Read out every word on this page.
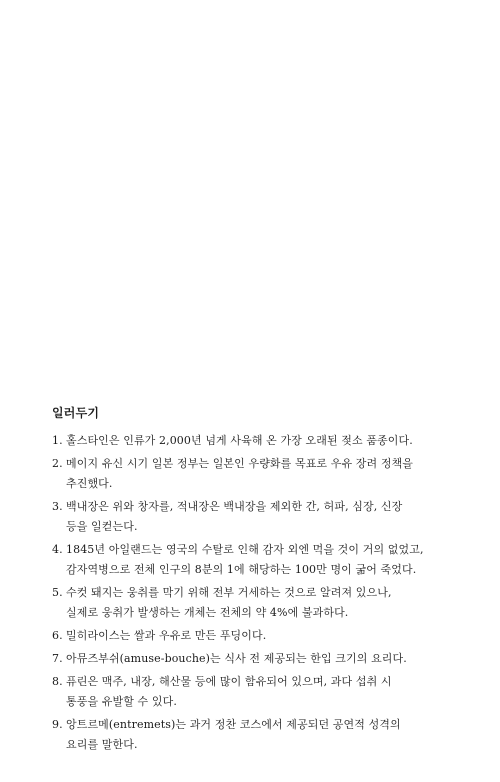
일러두기
1. 홀스타인은 인류가 2,000년 넘게 사육해 온 가장 오래된 젖소 품종이다.
2. 메이지 유신 시기 일본 정부는 일본인 우량화를 목표로 우유 장려 정책을 추진했다.
3. 백내장은 위와 창자를, 적내장은 백내장을 제외한 간, 허파, 심장, 신장 등을 일컫는다.
4. 1845년 아일랜드는 영국의 수탈로 인해 감자 외엔 먹을 것이 거의 없었고, 감자역병으로 전체 인구의 8분의 1에 해당하는 100만 명이 굶어 죽었다.
5. 수컷 돼지는 웅취를 막기 위해 전부 거세하는 것으로 알려져 있으나, 실제로 웅취가 발생하는 개체는 전체의 약 4%에 불과하다.
6. 밀히라이스는 쌀과 우유로 만든 푸딩이다.
7. 아뮤즈부쉬(amuse-bouche)는 식사 전 제공되는 한입 크기의 요리다.
8. 퓨린은 맥주, 내장, 해산물 등에 많이 함유되어 있으며, 과다 섭취 시 통풍을 유발할 수 있다.
9. 앙트르메(entremets)는 과거 정찬 코스에서 제공되던 공연적 성격의 요리를 말한다.
